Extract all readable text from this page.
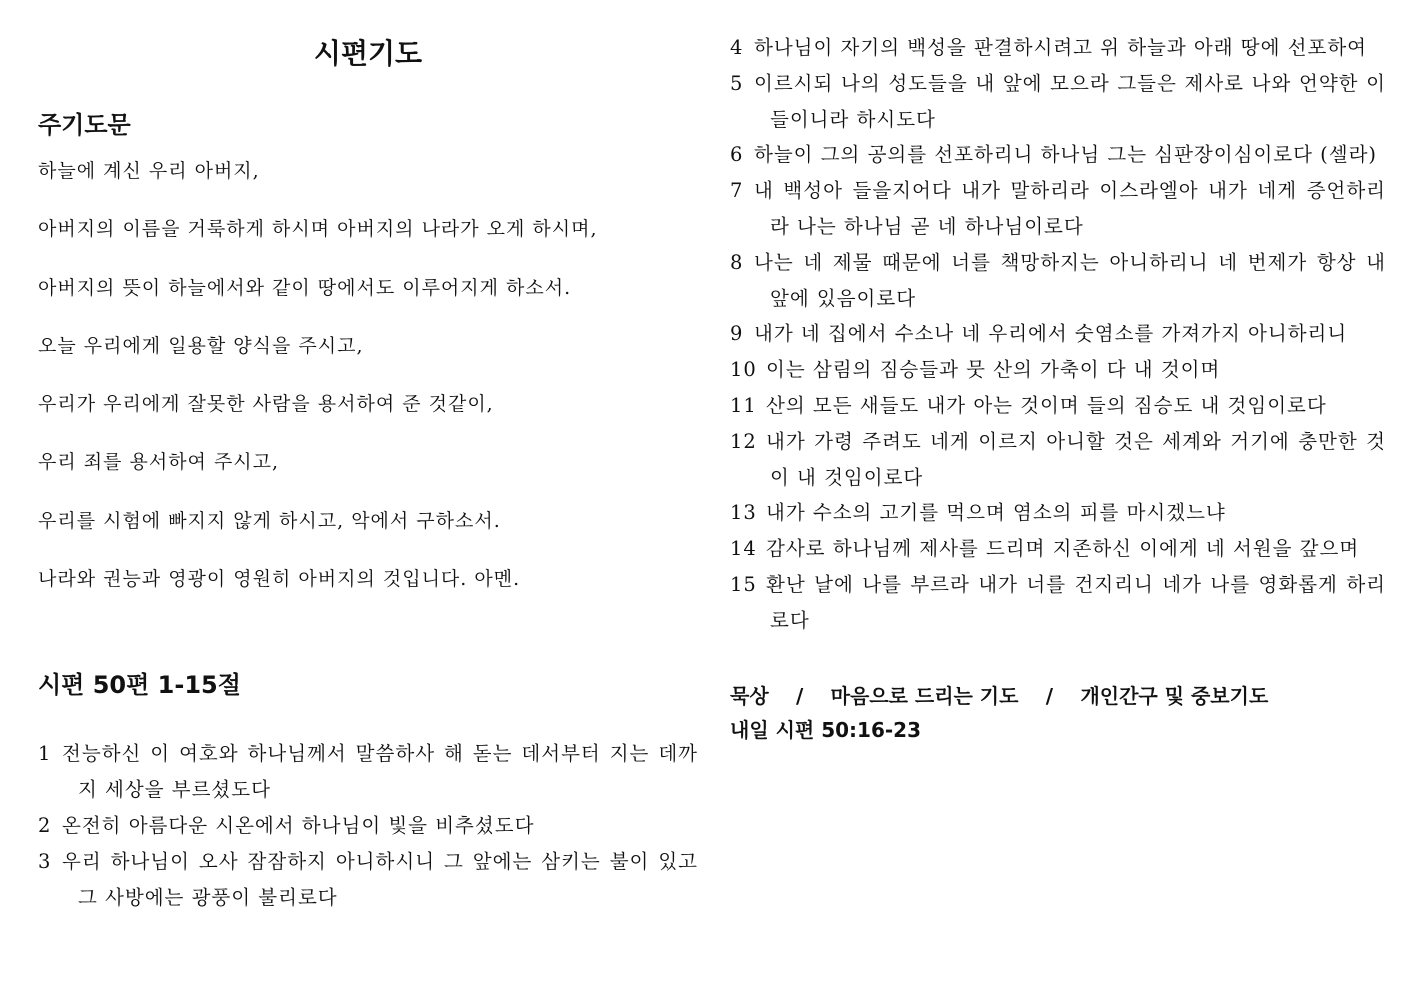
시편기도
주기도문
하늘에 계신 우리 아버지,
아버지의 이름을 거룩하게 하시며 아버지의 나라가 오게 하시며,
아버지의 뜻이 하늘에서와 같이 땅에서도 이루어지게 하소서.
오늘 우리에게 일용할 양식을 주시고,
우리가 우리에게 잘못한 사람을 용서하여 준 것같이,
우리 죄를 용서하여 주시고,
우리를 시험에 빠지지 않게 하시고, 악에서 구하소서.
나라와 권능과 영광이 영원히 아버지의 것입니다. 아멘.
시편 50편 1-15절
1 전능하신 이 여호와 하나님께서 말씀하사 해 돋는 데서부터 지는 데까지 세상을 부르셨도다
2 온전히 아름다운 시온에서 하나님이 빛을 비추셨도다
3 우리 하나님이 오사 잠잠하지 아니하시니 그 앞에는 삼키는 불이 있고 그 사방에는 광풍이 불리로다
4 하나님이 자기의 백성을 판결하시려고 위 하늘과 아래 땅에 선포하여
5 이르시되 나의 성도들을 내 앞에 모으라 그들은 제사로 나와 언약한 이들이니라 하시도다
6 하늘이 그의 공의를 선포하리니 하나님 그는 심판장이심이로다 (셀라)
7 내 백성아 들을지어다 내가 말하리라 이스라엘아 내가 네게 증언하리라 나는 하나님 곧 네 하나님이로다
8 나는 네 제물 때문에 너를 책망하지는 아니하리니 네 번제가 항상 내 앞에 있음이로다
9 내가 네 집에서 수소나 네 우리에서 숫염소를 가져가지 아니하리니
10 이는 삼림의 짐승들과 뭇 산의 가축이 다 내 것이며
11 산의 모든 새들도 내가 아는 것이며 들의 짐승도 내 것임이로다
12 내가 가령 주려도 네게 이르지 아니할 것은 세계와 거기에 충만한 것이 내 것임이로다
13 내가 수소의 고기를 먹으며 염소의 피를 마시겠느냐
14 감사로 하나님께 제사를 드리며 지존하신 이에게 네 서원을 갚으며
15 환난 날에 나를 부르라 내가 너를 건지리니 네가 나를 영화롭게 하리로다
묵상 / 마음으로 드리는 기도 / 개인간구 및 중보기도
내일 시편 50:16-23
